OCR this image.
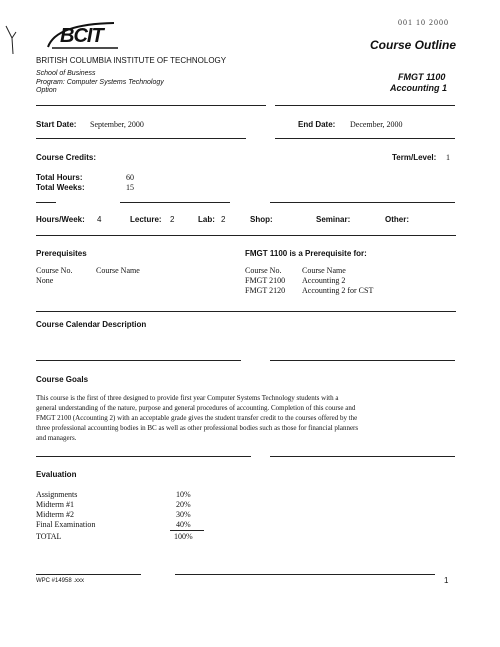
BCIT
001 10 2000
Course Outline
BRITISH COLUMBIA INSTITUTE OF TECHNOLOGY
School of Business
Program: Computer Systems Technology
Option
FMGT 1100
Accounting 1
Start Date: September, 2000	End Date: December, 2000
Course Credits:	Term/Level: 1
Total Hours:	60
Total Weeks:	15
Hours/Week: 4	Lecture: 2	Lab: 2	Shop:	Seminar:	Other:
Prerequisites
Course No.	Course Name
None
FMGT 1100 is a Prerequisite for:
Course No.	Course Name
FMGT 2100 Accounting 2
FMGT 2120 Accounting 2 for CST
Course Calendar Description
Course Goals
This course is the first of three designed to provide first year Computer Systems Technology students with a
general understanding of the nature, purpose and general procedures of accounting. Completion of this course and
FMGT 2100 (Accounting 2) with an acceptable grade gives the student transfer credit to the courses offered by the
three professional accounting bodies in BC as well as other professional bodies such as those for financial planners
and managers.
Evaluation
Assignments	10%
Midterm #1	20%
Midterm #2	30%
Final Examination	40%
TOTAL	100%
WPC #14958 .xxx	1
